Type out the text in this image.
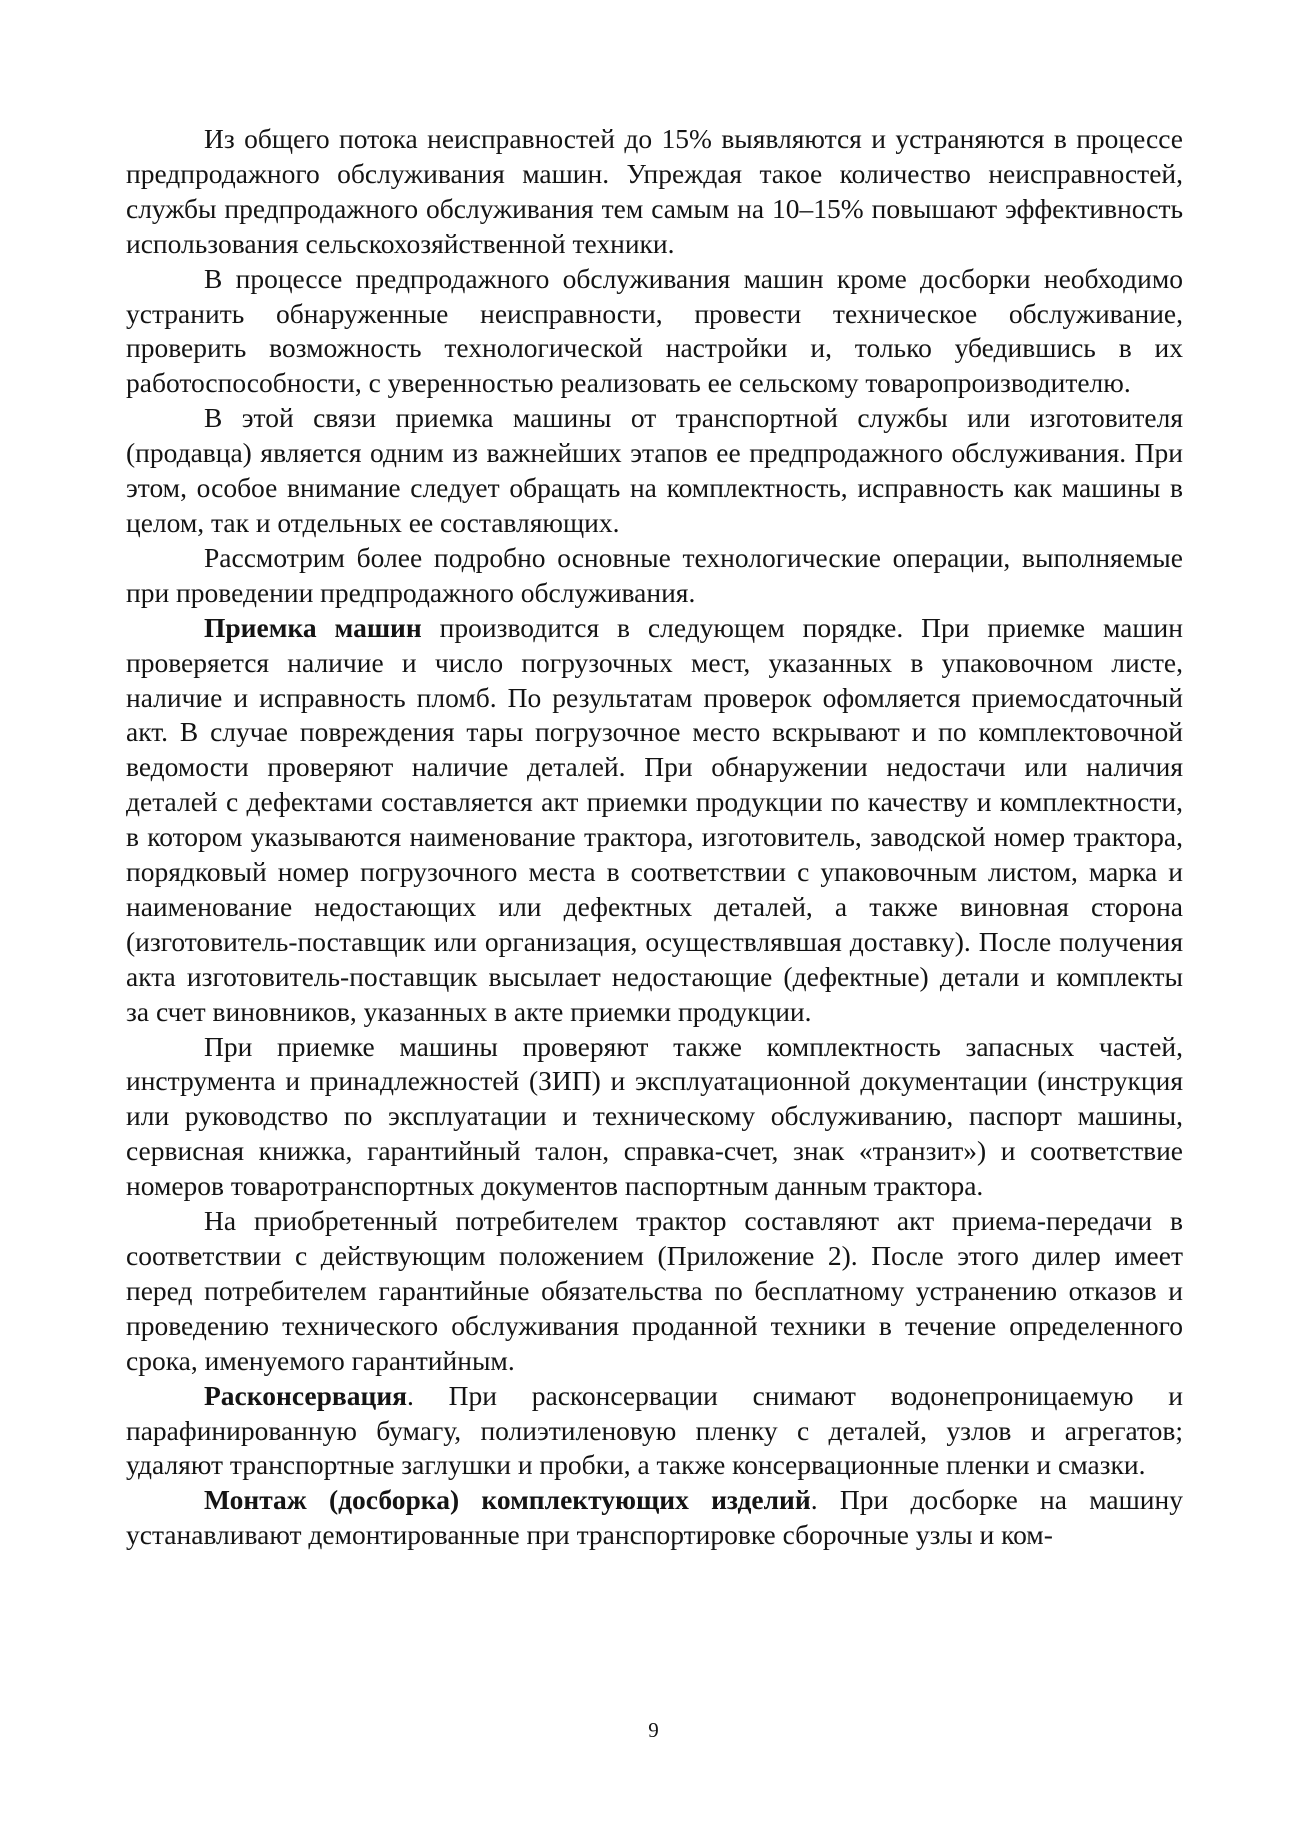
Из общего потока неисправностей до 15% выявляются и устраняются в процессе предпродажного обслуживания машин. Упреждая такое количество неисправностей, службы предпродажного обслуживания тем самым на 10–15% повышают эффективность использования сельскохозяйственной техники.

В процессе предпродажного обслуживания машин кроме досборки необходимо устранить обнаруженные неисправности, провести техническое обслуживание, проверить возможность технологической настройки и, только убедившись в их работоспособности, с уверенностью реализовать ее сельскому товаропроизводителю.

В этой связи приемка машины от транспортной службы или изготовителя (продавца) является одним из важнейших этапов ее предпродажного обслуживания. При этом, особое внимание следует обращать на комплектность, исправность как машины в целом, так и отдельных ее составляющих.

Рассмотрим более подробно основные технологические операции, выполняемые при проведении предпродажного обслуживания.

Приемка машин производится в следующем порядке. При приемке машин проверяется наличие и число погрузочных мест, указанных в упаковочном листе, наличие и исправность пломб. По результатам проверок офомляется приемосдаточный акт. В случае повреждения тары погрузочное место вскрывают и по комплектовочной ведомости проверяют наличие деталей. При обнаружении недостачи или наличия деталей с дефектами составляется акт приемки продукции по качеству и комплектности, в котором указываются наименование трактора, изготовитель, заводской номер трактора, порядковый номер погрузочного места в соответствии с упаковочным листом, марка и наименование недостающих или дефектных деталей, а также виновная сторона (изготовитель-поставщик или организация, осуществлявшая доставку). После получения акта изготовитель-поставщик высылает недостающие (дефектные) детали и комплекты за счет виновников, указанных в акте приемки продукции.

При приемке машины проверяют также комплектность запасных частей, инструмента и принадлежностей (ЗИП) и эксплуатационной документации (инструкция или руководство по эксплуатации и техническому обслуживанию, паспорт машины, сервисная книжка, гарантийный талон, справка-счет, знак «транзит») и соответствие номеров товаротранспортных документов паспортным данным трактора.

На приобретенный потребителем трактор составляют акт приема-передачи в соответствии с действующим положением (Приложение 2). После этого дилер имеет перед потребителем гарантийные обязательства по бесплатному устранению отказов и проведению технического обслуживания проданной техники в течение определенного срока, именуемого гарантийным.

Расконсервация. При расконсервации снимают водонепроницаемую и парафинированную бумагу, полиэтиленовую пленку с деталей, узлов и агрегатов; удаляют транспортные заглушки и пробки, а также консервационные пленки и смазки.

Монтаж (досборка) комплектующих изделий. При досборке на машину устанавливают демонтированные при транспортировке сборочные узлы и ком-

9
